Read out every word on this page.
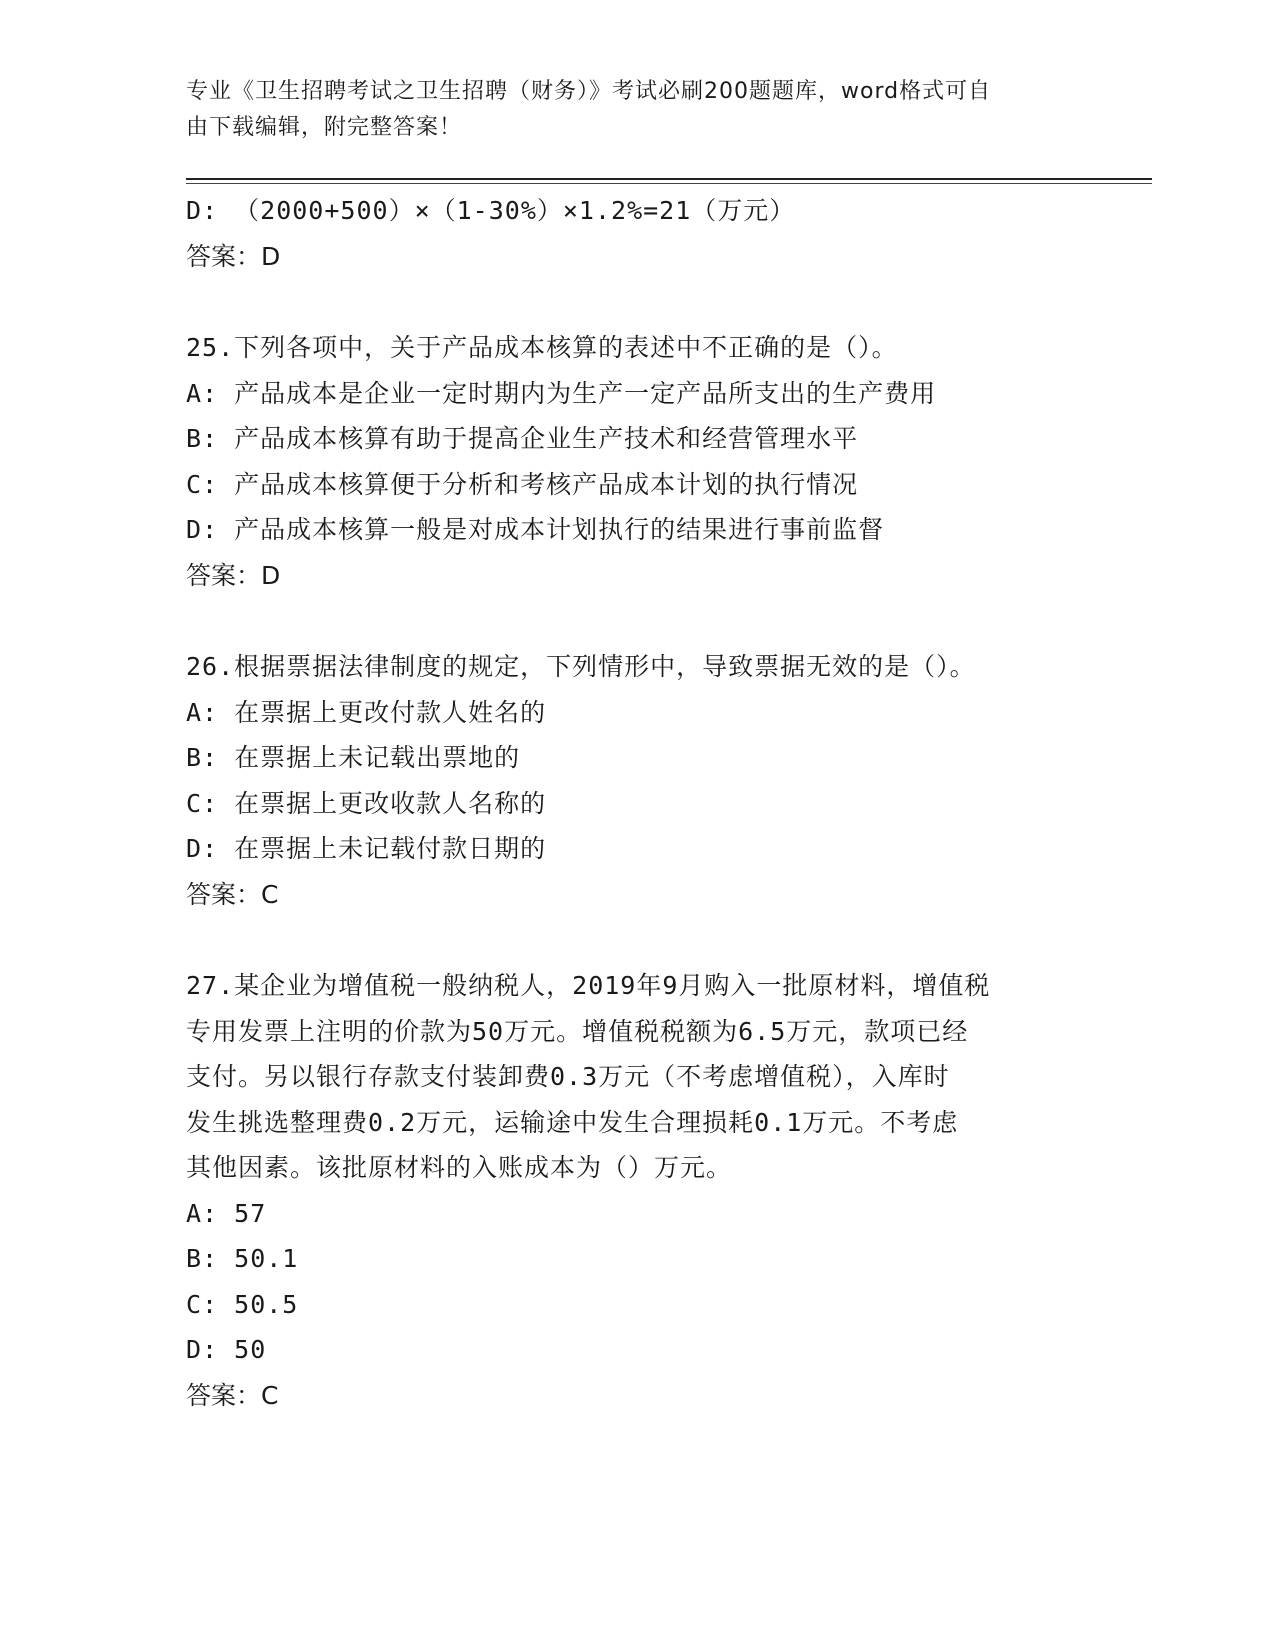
专业《卫生招聘考试之卫生招聘（财务）》考试必刷200题题库，word格式可自
由下载编辑，附完整答案！
D: （2000+500）×（1-30%）×1.2%=21（万元）
答案：D
25.下列各项中，关于产品成本核算的表述中不正确的是（）。
A: 产品成本是企业一定时期内为生产一定产品所支出的生产费用
B: 产品成本核算有助于提高企业生产技术和经营管理水平
C: 产品成本核算便于分析和考核产品成本计划的执行情况
D: 产品成本核算一般是对成本计划执行的结果进行事前监督
答案：D
26.根据票据法律制度的规定，下列情形中，导致票据无效的是（）。
A: 在票据上更改付款人姓名的
B: 在票据上未记载出票地的
C: 在票据上更改收款人名称的
D: 在票据上未记载付款日期的
答案：C
27.某企业为增值税一般纳税人，2019年9月购入一批原材料，增值税
专用发票上注明的价款为50万元。增值税税额为6.5万元，款项已经
支付。另以银行存款支付装卸费0.3万元（不考虑增值税），入库时
发生挑选整理费0.2万元，运输途中发生合理损耗0.1万元。不考虑
其他因素。该批原材料的入账成本为（）万元。
A: 57
B: 50.1
C: 50.5
D: 50
答案：C
